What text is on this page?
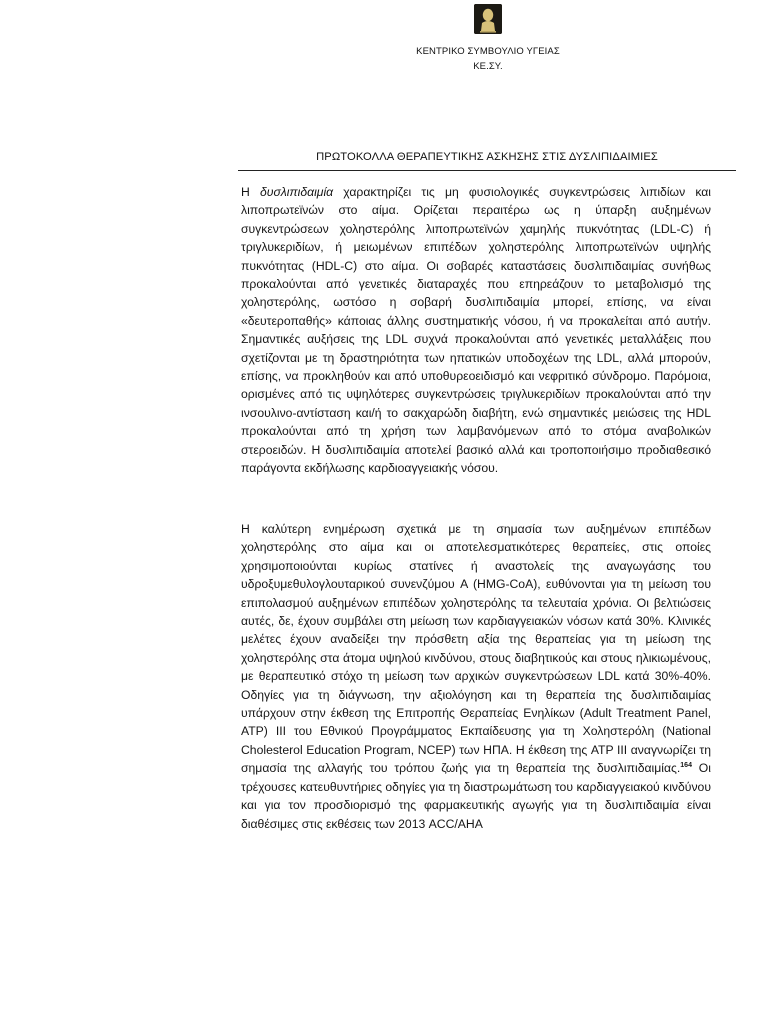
ΚΕΝΤΡΙΚΟ ΣΥΜΒΟΥΛΙΟ ΥΓΕΙΑΣ
ΚΕ.ΣΥ.
ΠΡΩΤΟΚΟΛΛΑ ΘΕΡΑΠΕΥΤΙΚΗΣ ΑΣΚΗΣΗΣ ΣΤΙΣ ΔΥΣΛΙΠΙΔΑΙΜΙΕΣ

Η δυσλιπιδαιμία χαρακτηρίζει τις μη φυσιολογικές συγκεντρώσεις λιπιδίων και λιποπρωτεϊνών στο αίμα. Ορίζεται περαιτέρω ως η ύπαρξη αυξημένων συγκεντρώσεων χοληστερόλης λιποπρωτεϊνών χαμηλής πυκνότητας (LDL-C) ή τριγλυκεριδίων, ή μειωμένων επιπέδων χοληστερόλης λιποπρωτεϊνών υψηλής πυκνότητας (HDL-C) στο αίμα. Οι σοβαρές καταστάσεις δυσλιπιδαιμίας συνήθως προκαλούνται από γενετικές διαταραχές που επηρεάζουν το μεταβολισμό της χοληστερόλης, ωστόσο η σοβαρή δυσλιπιδαιμία μπορεί, επίσης, να είναι «δευτεροπαθής» κάποιας άλλης συστηματικής νόσου, ή να προκαλείται από αυτήν. Σημαντικές αυξήσεις της LDL συχνά προκαλούνται από γενετικές μεταλλάξεις που σχετίζονται με τη δραστηριότητα των ηπατικών υποδοχέων της LDL, αλλά μπορούν, επίσης, να προκληθούν και από υποθυρεοειδισμό και νεφριτικό σύνδρομο. Παρόμοια, ορισμένες από τις υψηλότερες συγκεντρώσεις τριγλυκεριδίων προκαλούνται από την ινσουλινο-αντίσταση και/ή το σακχαρώδη διαβήτη, ενώ σημαντικές μειώσεις της HDL προκαλούνται από τη χρήση των λαμβανόμενων από το στόμα αναβολικών στεροειδών. Η δυσλιπιδαιμία αποτελεί βασικό αλλά και τροποποιήσιμο προδιαθεσικό παράγοντα εκδήλωσης καρδιοαγγειακής νόσου.

Η καλύτερη ενημέρωση σχετικά με τη σημασία των αυξημένων επιπέδων χοληστερόλης στο αίμα και οι αποτελεσματικότερες θεραπείες, στις οποίες χρησιμοποιούνται κυρίως στατίνες ή αναστολείς της αναγωγάσης του υδροξυμεθυλογλουταρικού συνενζύμου A (HMG-CoA), ευθύνονται για τη μείωση του επιπολασμού αυξημένων επιπέδων χοληστερόλης τα τελευταία χρόνια. Οι βελτιώσεις αυτές, δε, έχουν συμβάλει στη μείωση των καρδιαγγειακών νόσων κατά 30%. Κλινικές μελέτες έχουν αναδείξει την πρόσθετη αξία της θεραπείας για τη μείωση της χοληστερόλης στα άτομα υψηλού κινδύνου, στους διαβητικούς και στους ηλικιωμένους, με θεραπευτικό στόχο τη μείωση των αρχικών συγκεντρώσεων LDL κατά 30%-40%. Οδηγίες για τη διάγνωση, την αξιολόγηση και τη θεραπεία της δυσλιπιδαιμίας υπάρχουν στην έκθεση της Επιτροπής Θεραπείας Ενηλίκων (Adult Treatment Panel, ATP) III του Εθνικού Προγράμματος Εκπαίδευσης για τη Χοληστερόλη (National Cholesterol Education Program, NCEP) των ΗΠΑ. Η έκθεση της ATP III αναγνωρίζει τη σημασία της αλλαγής του τρόπου ζωής για τη θεραπεία της δυσλιπιδαιμίας.$^{164}$ Οι τρέχουσες κατευθυντήριες οδηγίες για τη διαστρωμάτωση του καρδιαγγειακού κινδύνου και για τον προσδιορισμό της φαρμακευτικής αγωγής για τη δυσλιπιδαιμία είναι διαθέσιμες στις εκθέσεις των 2013 ACC/AHA
